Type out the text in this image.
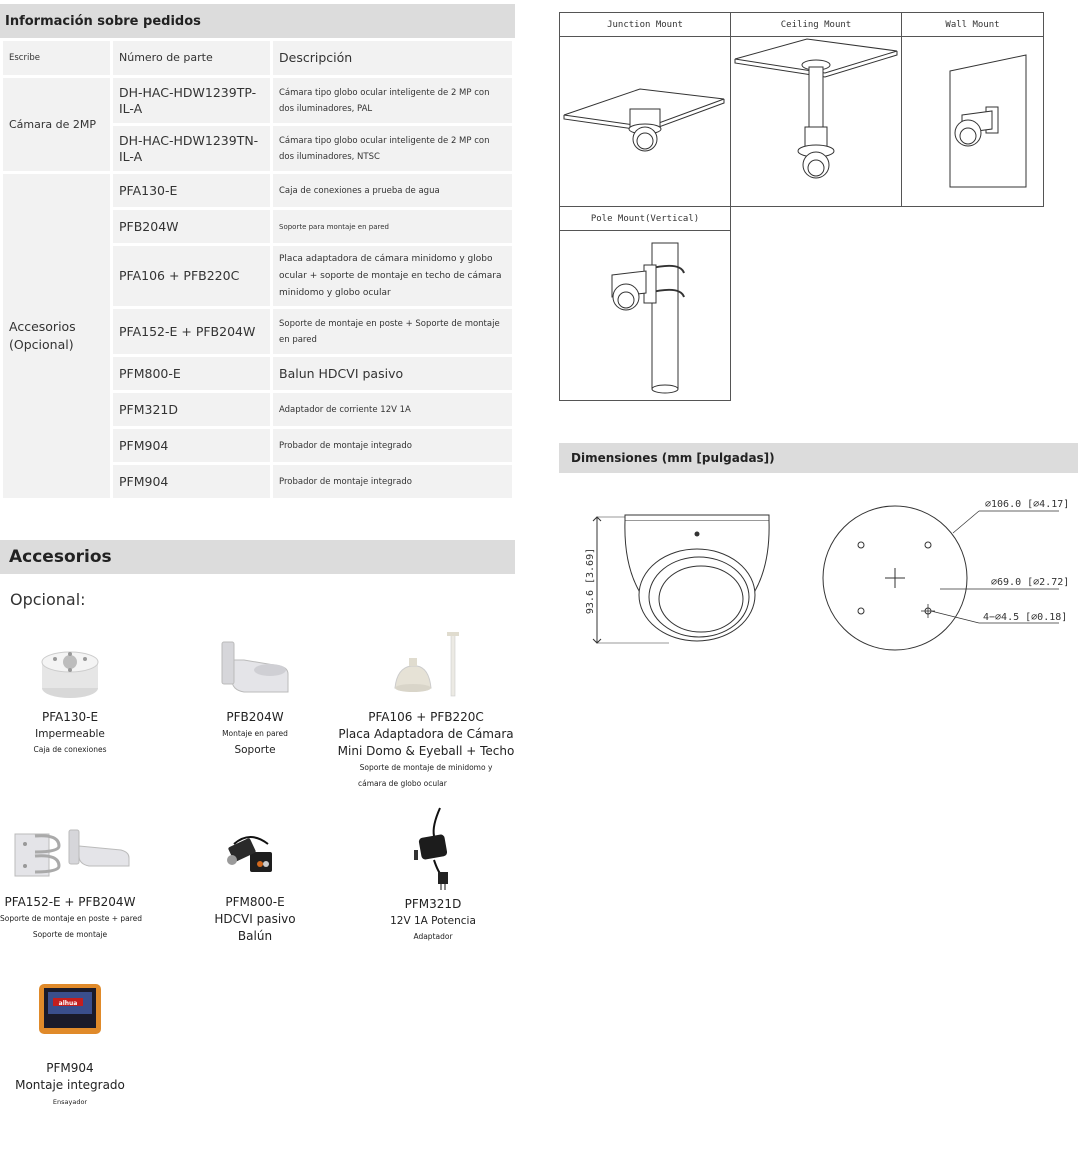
Información sobre pedidos
Escribe	Número de parte	Descripción
Cámara de 2MP	DH-HAC-HDW1239TP-IL-A	Cámara tipo globo ocular inteligente de 2 MP con dos iluminadores, PAL
	DH-HAC-HDW1239TN-IL-A	Cámara tipo globo ocular inteligente de 2 MP con dos iluminadores, NTSC
Accesorios (Opcional)	PFA130-E	Caja de conexiones a prueba de agua
	PFB204W	Soporte para montaje en pared
	PFA106 + PFB220C	Placa adaptadora de cámara minidomo y globo ocular + soporte de montaje en techo de cámara minidomo y globo ocular
	PFA152-E + PFB204W	Soporte de montaje en poste + Soporte de montaje en pared
	PFM800-E	Balun HDCVI pasivo
	PFM321D	Adaptador de corriente 12V 1A
	PFM904	Probador de montaje integrado
	PFM904	Probador de montaje integrado
Accesorios
Opcional:
PFA130-E
Impermeable
Caja de conexiones
PFB204W
Montaje en pared
Soporte
PFA106 + PFB220C
Placa Adaptadora de Cámara
Mini Domo & Eyeball + Techo
Soporte de montaje de minidomo y
cámara de globo ocular
PFA152-E + PFB204W
Soporte de montaje en poste + pared
Soporte de montaje
PFM800-E
HDCVI pasivo
Balún
PFM321D
12V 1A Potencia
Adaptador
alhua
PFM904
Montaje integrado
Ensayador
Junction Mount	Ceiling Mount	Wall Mount
Pole Mount(Vertical)
Dimensiones (mm [pulgadas])
93.6 [3.69]
⌀106.0 [⌀4.17]
⌀69.0 [⌀2.72]
4−⌀4.5 [⌀0.18]
